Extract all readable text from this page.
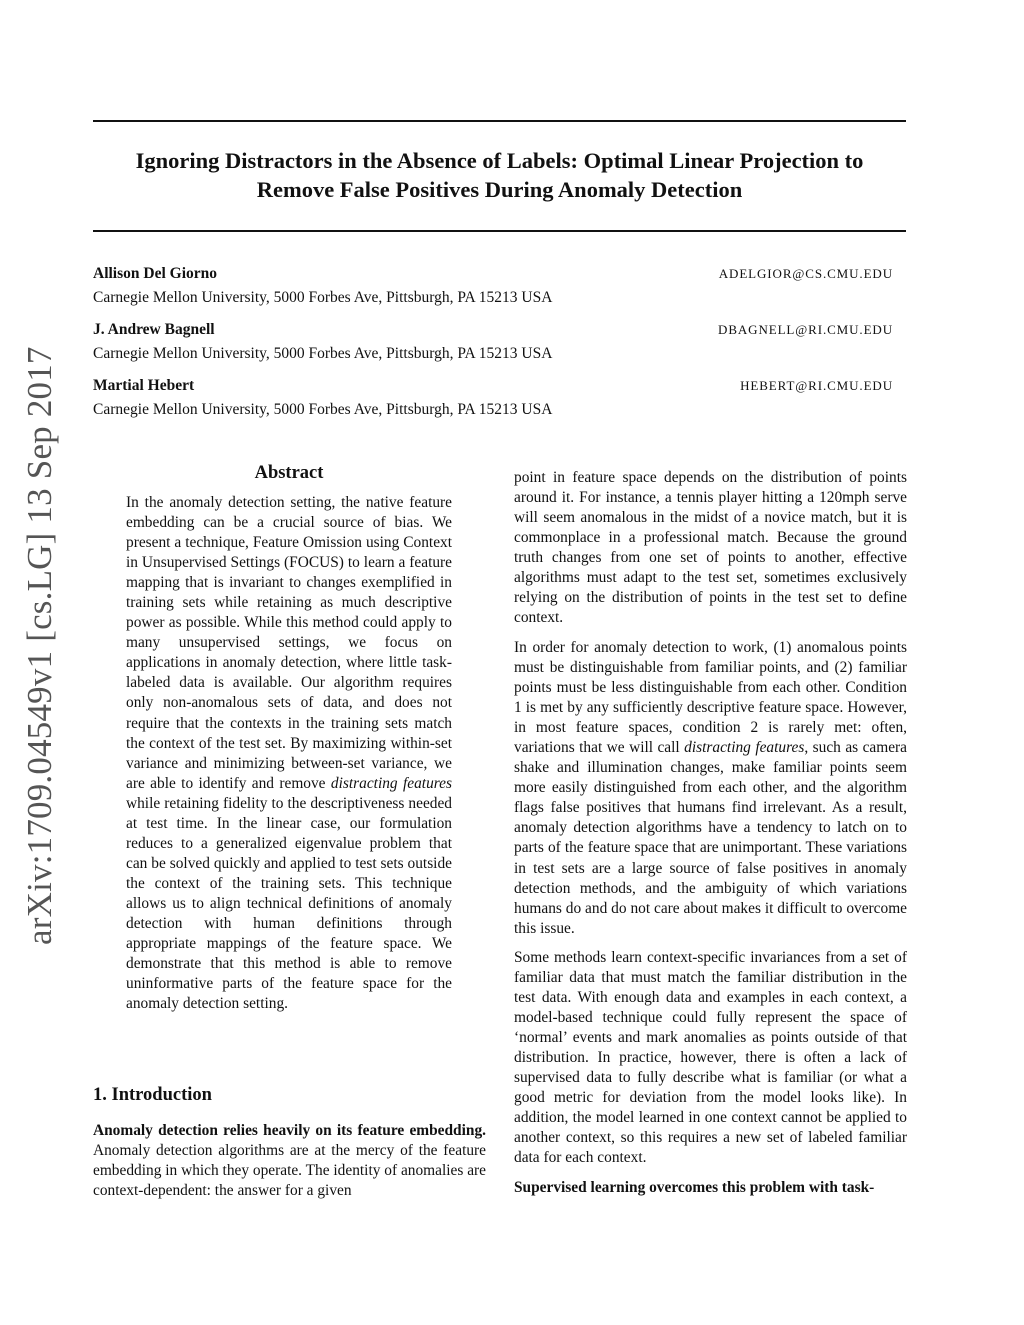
Ignoring Distractors in the Absence of Labels: Optimal Linear Projection to
Remove False Positives During Anomaly Detection
Allison Del Giorno	ADELGIOR@CS.CMU.EDU
Carnegie Mellon University, 5000 Forbes Ave, Pittsburgh, PA 15213 USA
J. Andrew Bagnell	DBAGNELL@RI.CMU.EDU
Carnegie Mellon University, 5000 Forbes Ave, Pittsburgh, PA 15213 USA
Martial Hebert	HEBERT@RI.CMU.EDU
Carnegie Mellon University, 5000 Forbes Ave, Pittsburgh, PA 15213 USA
arXiv:1709.04549v1 [cs.LG] 13 Sep 2017	Abstract

In the anomaly detection setting, the native feature embedding can be a crucial source of bias. We present a technique, Feature Omission using Context in Unsupervised Settings (FOCUS) to learn a feature mapping that is invariant to changes exemplified in training sets while retaining as much descriptive power as possible. While this method could apply to many unsupervised settings, we focus on applications in anomaly detection, where little task-labeled data is available. Our algorithm requires only non-anomalous sets of data, and does not require that the contexts in the training sets match the context of the test set. By maximizing within-set variance and minimizing between-set variance, we are able to identify and remove distracting features while retaining fidelity to the descriptiveness needed at test time. In the linear case, our formulation reduces to a generalized eigenvalue problem that can be solved quickly and applied to test sets outside the context of the training sets. This technique allows us to align technical definitions of anomaly detection with human definitions through appropriate mappings of the feature space. We demonstrate that this method is able to remove uninformative parts of the feature space for the anomaly detection setting.

1. Introduction

Anomaly detection relies heavily on its feature embedding. Anomaly detection algorithms are at the mercy of the feature embedding in which they operate. The identity of anomalies are context-dependent: the answer for a given

point in feature space depends on the distribution of points around it. For instance, a tennis player hitting a 120mph serve will seem anomalous in the midst of a novice match, but it is commonplace in a professional match. Because the ground truth changes from one set of points to another, effective algorithms must adapt to the test set, sometimes exclusively relying on the distribution of points in the test set to define context.

In order for anomaly detection to work, (1) anomalous points must be distinguishable from familiar points, and (2) familiar points must be less distinguishable from each other. Condition 1 is met by any sufficiently descriptive feature space. However, in most feature spaces, condition 2 is rarely met: often, variations that we will call distracting features, such as camera shake and illumination changes, make familiar points seem more easily distinguished from each other, and the algorithm flags false positives that humans find irrelevant. As a result, anomaly detection algorithms have a tendency to latch on to parts of the feature space that are unimportant. These variations in test sets are a large source of false positives in anomaly detection methods, and the ambiguity of which variations humans do and do not care about makes it difficult to overcome this issue.

Some methods learn context-specific invariances from a set of familiar data that must match the familiar distribution in the test data. With enough data and examples in each context, a model-based technique could fully represent the space of ‘normal’ events and mark anomalies as points outside of that distribution. In practice, however, there is often a lack of supervised data to fully describe what is familiar (or what a good metric for deviation from the model looks like). In addition, the model learned in one context cannot be applied to another context, so this requires a new set of labeled familiar data for each context.

Supervised learning overcomes this problem with task-
